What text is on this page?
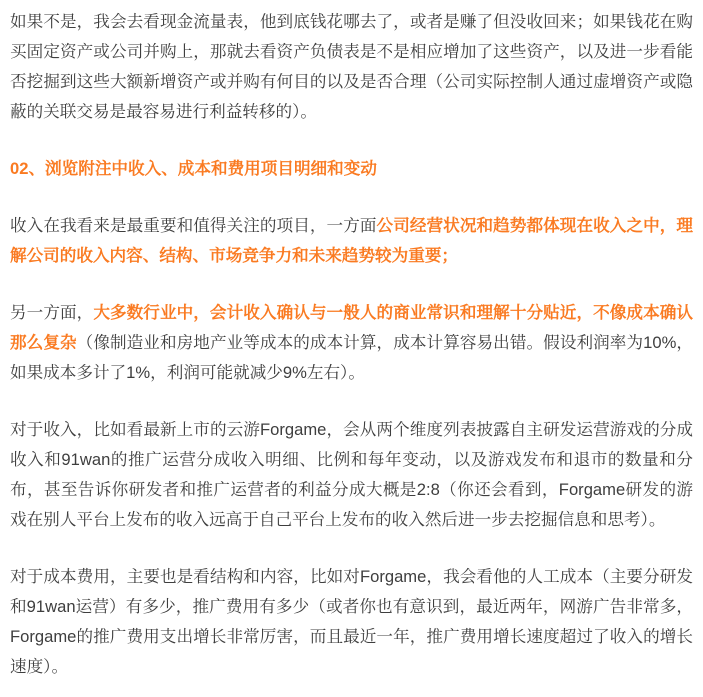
如果不是，我会去看现金流量表，他到底钱花哪去了，或者是赚了但没收回来；如果钱花在购买固定资产或公司并购上，那就去看资产负债表是不是相应增加了这些资产，以及进一步看能否挖掘到这些大额新增资产或并购有何目的以及是否合理（公司实际控制人通过虚增资产或隐蔽的关联交易是最容易进行利益转移的）。

02、浏览附注中收入、成本和费用项目明细和变动

收入在我看来是最重要和值得关注的项目，一方面公司经营状况和趋势都体现在收入之中，理解公司的收入内容、结构、市场竞争力和未来趋势较为重要；

另一方面，大多数行业中，会计收入确认与一般人的商业常识和理解十分贴近，不像成本确认那么复杂（像制造业和房地产业等成本的成本计算，成本计算容易出错。假设利润率为10%，如果成本多计了1%，利润可能就减少9%左右）。

对于收入，比如看最新上市的云游Forgame，会从两个维度列表披露自主研发运营游戏的分成收入和91wan的推广运营分成收入明细、比例和每年变动，以及游戏发布和退市的数量和分布，甚至告诉你研发者和推广运营者的利益分成大概是2:8（你还会看到，Forgame研发的游戏在别人平台上发布的收入远高于自己平台上发布的收入然后进一步去挖掘信息和思考）。

对于成本费用，主要也是看结构和内容，比如对Forgame，我会看他的人工成本（主要分研发和91wan运营）有多少，推广费用有多少（或者你也有意识到，最近两年，网游广告非常多，Forgame的推广费用支出增长非常厉害，而且最近一年，推广费用增长速度超过了收入的增长速度）。
